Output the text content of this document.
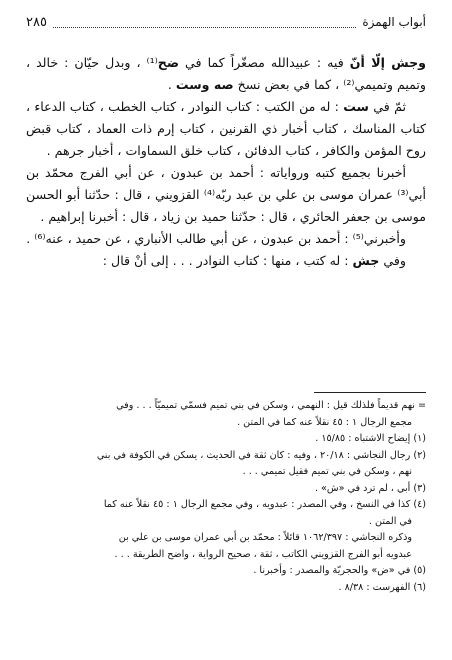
٢٨٥	أبواب الهمزة

وجش إلّا أنّ فيه : عبيدالله مصغّراً كما في ضح⁽¹⁾ ، وبدل حيّان : خالد ، وتميم وتميمي⁽²⁾ ، كما في بعض نسخ صه وست .

ثمّ في ست : له من الكتب : كتاب النوادر ، كتاب الخطب ، كتاب الدعاء ، كتاب المناسك ، كتاب أخبار ذي القرنين ، كتاب إرم ذات العماد ، كتاب قبض روح المؤمن والكافر ، كتاب الدفائن ، كتاب خلق السماوات ، أخبار جرهم .

أخبرنا بجميع كتبه ورواياته : أحمد بن عبدون ، عن أبي الفرج محمّد بن أبي⁽³⁾ عمران موسى بن علي بن عبد ربّه⁽⁴⁾ القزويني ، قال : حدّثنا أبو الحسن موسى بن جعفر الحائري ، قال : حدّثنا حميد بن زياد ، قال : أخبرنا إبراهيم .

وأخبرني⁽⁵⁾ : أحمد بن عبدون ، عن أبي طالب الأنباري ، عن حميد ، عنه⁽⁶⁾ .

وفي جش : له كتب ، منها : كتاب النوادر . . . إلى أنْ قال :

= نهم قديماً فلذلك قيل : النهمي ، وسكن في بني تميم فسمّي تميميّاً . . . وفي

مجمع الرجال ١ : ٤٥ نقلاً عنه كما في المتن .

(١) إيضاح الاشتباه : ١٥/٨٥ .

(٢) رجال النجاشي : ٢٠/١٨ ، وفيه : كان ثقة في الحديث ، يسكن في الكوفة في بني

نهم ، وسكن في بني تميم فقيل تميمي . . .

(٣) أبي ، لم ترد في «ش» .

(٤) كذا في النسخ ، وفي المصدر : عبدويه ، وفي مجمع الرجال ١ : ٤٥ نقلاً عنه كما

في المتن .

وذكره النجاشي : ١٠٦٢/٣٩٧ قائلاً : محمّد بن أبي عمران موسى بن علي بن

عبدويه أبو الفرج القزويني الكاتب ، ثقة ، صحيح الرواية ، واضح الطريقة . . .

(٥) في «ض» والحجريّة والمصدر : وأخبرنا .

(٦) الفهرست : ٨/٣٨ .
